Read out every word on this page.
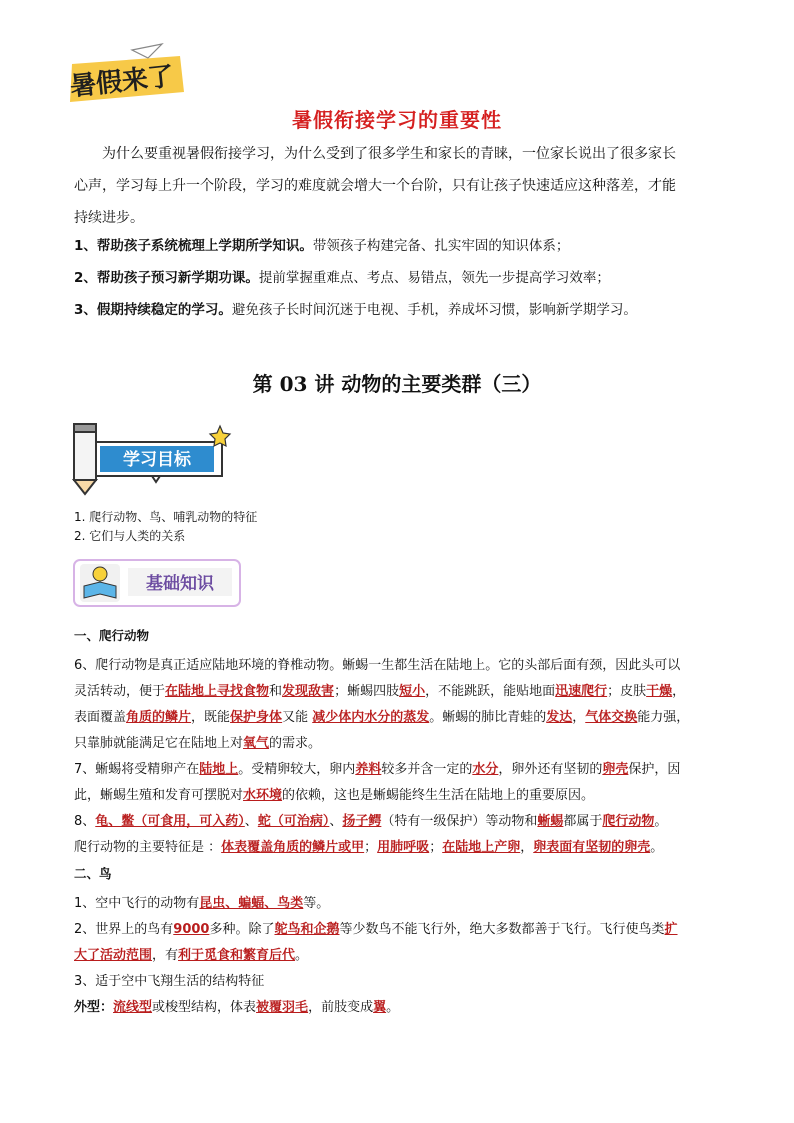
暑假来了
暑假衔接学习的重要性
为什么要重视暑假衔接学习，为什么受到了很多学生和家长的青睐，一位家长说出了很多家长
心声，学习每上升一个阶段，学习的难度就会增大一个台阶，只有让孩子快速适应这种落差，才能
持续进步。
1、帮助孩子系统梳理上学期所学知识。带领孩子构建完备、扎实牢固的知识体系；
2、帮助孩子预习新学期功课。提前掌握重难点、考点、易错点，领先一步提高学习效率；
3、假期持续稳定的学习。避免孩子长时间沉迷于电视、手机，养成坏习惯，影响新学期学习。
第 03 讲 动物的主要类群（三）
学习目标
1. 爬行动物、鸟、哺乳动物的特征
2. 它们与人类的关系
基础知识
一、爬行动物
6、爬行动物是真正适应陆地环境的脊椎动物。蜥蜴一生都生活在陆地上。它的头部后面有颈，因此头可以
灵活转动，便于在陆地上寻找食物和发现敌害；蜥蜴四肢短小，不能跳跃，能贴地面迅速爬行；皮肤干燥，
表面覆盖角质的鳞片，既能保护身体又能 减少体内水分的蒸发。蜥蜴的肺比青蛙的发达，气体交换能力强，
只靠肺就能满足它在陆地上对氧气的需求。
7、蜥蜴将受精卵产在陆地上。受精卵较大，卵内养料较多并含一定的水分，卵外还有坚韧的卵壳保护，因
此，蜥蜴生殖和发育可摆脱对水环境的依赖，这也是蜥蜴能终生生活在陆地上的重要原因。
8、龟、鳖（可食用，可入药）、蛇（可治病）、扬子鳄（特有一级保护）等动物和蜥蜴都属于爬行动物。
爬行动物的主要特征是 ：体表覆盖角质的鳞片或甲；用肺呼吸；在陆地上产卵，卵表面有坚韧的卵壳。
二、鸟
1、空中飞行的动物有昆虫、蝙蝠、鸟类等。
2、世界上的鸟有9000多种。除了鸵鸟和企鹅等少数鸟不能飞行外，绝大多数都善于飞行。飞行使鸟类扩
大了活动范围，有利于觅食和繁育后代。
3、适于空中飞翔生活的结构特征
外型：流线型或梭型结构，体表被覆羽毛，前肢变成翼。
